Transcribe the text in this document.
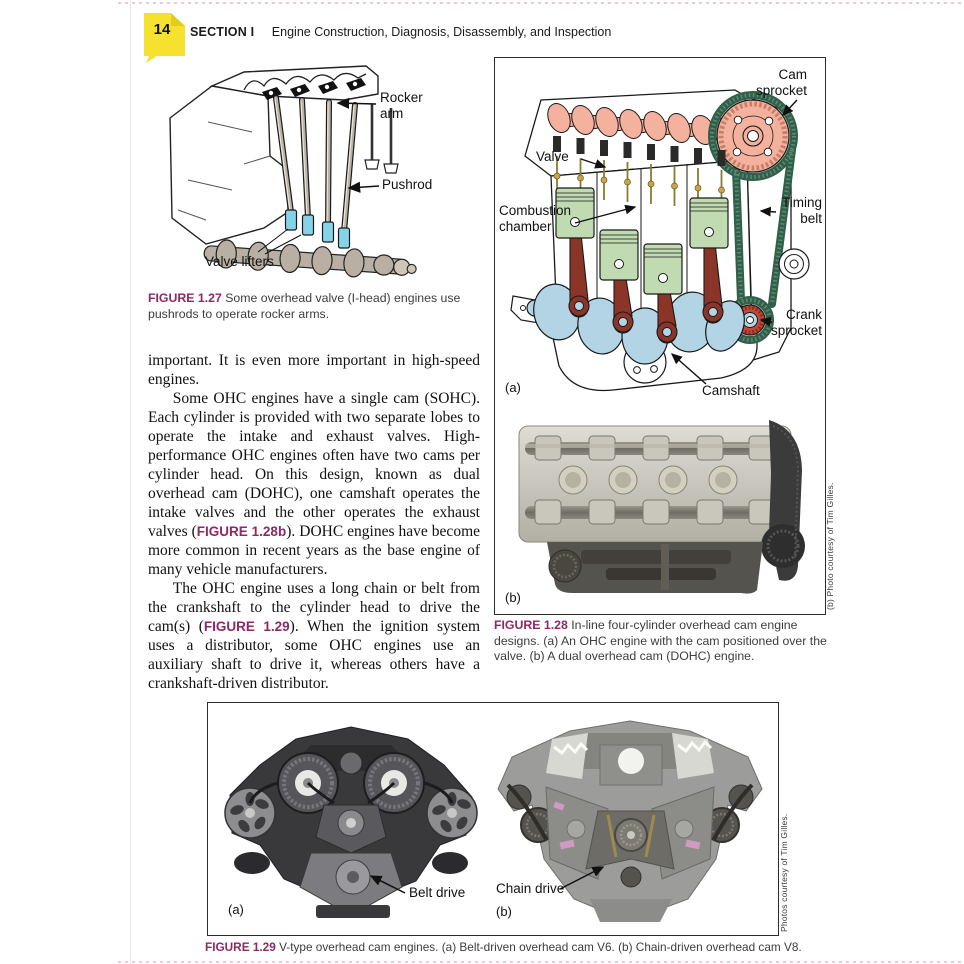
14	SECTION I Engine Construction, Diagnosis, Disassembly, and Inspection
Rocker arm
Pushrod
Valve lifters
FIGURE 1.27 Some overhead valve (I-head) engines use pushrods to operate rocker arms.

important. It is even more important in high-speed engines.

Some OHC engines have a single cam (SOHC). Each cylinder is provided with two separate lobes to operate the intake and exhaust valves. High-performance OHC engines often have two cams per cylinder head. On this design, known as dual overhead cam (DOHC), one camshaft operates the intake valves and the other operates the exhaust valves (FIGURE 1.28b). DOHC engines have become more common in recent years as the base engine of many vehicle manufacturers.

The OHC engine uses a long chain or belt from the crankshaft to the cylinder head to drive the cam(s) (FIGURE 1.29). When the ignition system uses a distributor, some OHC engines use an auxiliary shaft to drive it, whereas others have a crankshaft-driven distributor.

Cam sprocket
Valve
Combustion chamber
Timing belt
Crank sprocket
Camshaft
(a)
(b)	(b) Photo courtesy of Tim Gilles.
FIGURE 1.28 In-line four-cylinder overhead cam engine designs. (a) An OHC engine with the cam positioned over the valve. (b) A dual overhead cam (DOHC) engine.
Belt drive Chain drive
(a)	(b)	Photos courtesy of Tim Gilles.
FIGURE 1.29 V-type overhead cam engines. (a) Belt-driven overhead cam V6. (b) Chain-driven overhead cam V8.
